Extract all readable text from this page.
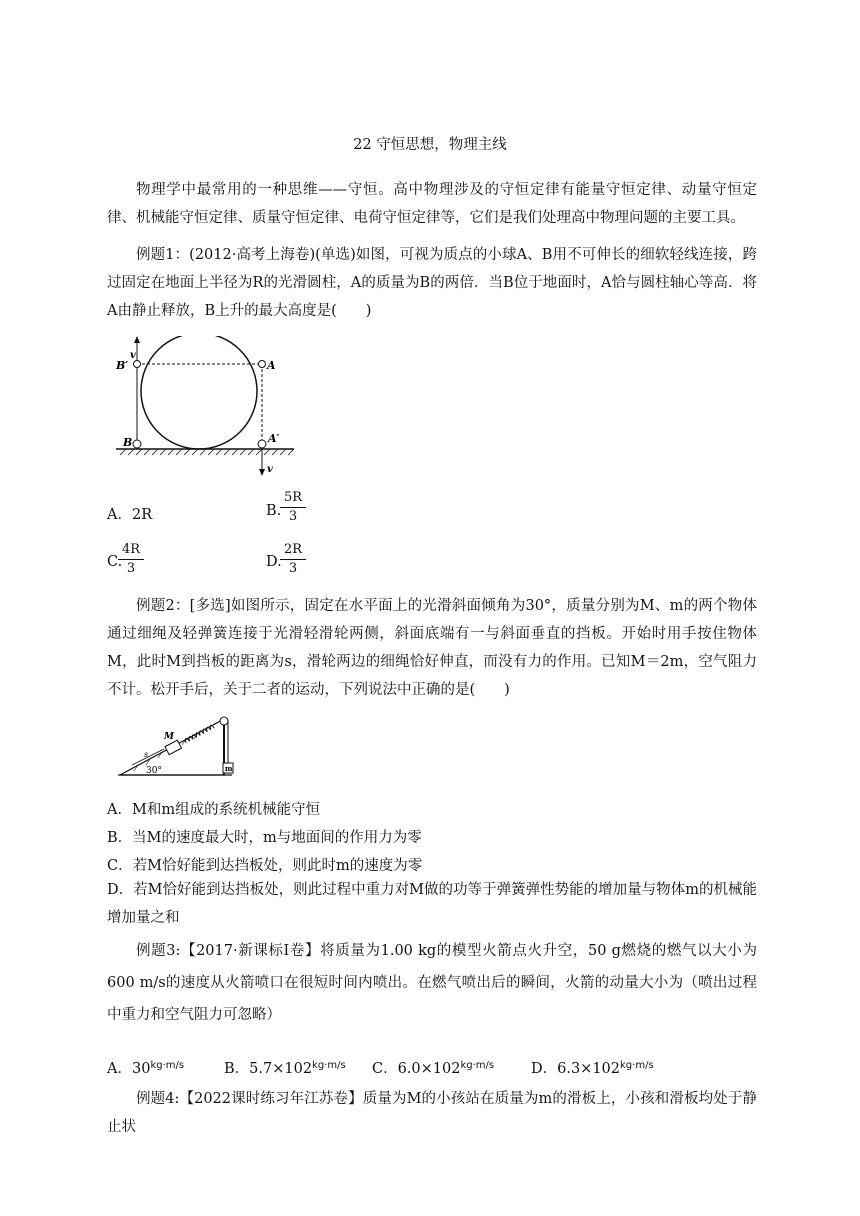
22 守恒思想，物理主线
物理学中最常用的一种思维——守恒。高中物理涉及的守恒定律有能量守恒定律、动量守恒定律、机械能守恒定律、质量守恒定律、电荷守恒定律等，它们是我们处理高中物理问题的主要工具。
例题1：(2012·高考上海卷)(单选)如图，可视为质点的小球A、B用不可伸长的细软轻线连接，跨过固定在地面上半径为R的光滑圆柱，A的质量为B的两倍．当B位于地面时，A恰与圆柱轴心等高．将A由静止释放，B上升的最大高度是(　　)
v
B′	A
B	A′
v
A．2R	B.
$\frac{5R}{3}$
C.
$\frac{4R}{3}$	D.
$\frac{2R}{3}$
例题2：[多选]如图所示，固定在水平面上的光滑斜面倾角为30°，质量分别为M、m的两个物体通过细绳及轻弹簧连接于光滑轻滑轮两侧，斜面底端有一与斜面垂直的挡板。开始时用手按住物体M，此时M到挡板的距离为s，滑轮两边的细绳恰好伸直，而没有力的作用。已知M＝2m，空气阻力不计。松开手后，关于二者的运动，下列说法中正确的是(　　)
M
s
30°	m
A．M和m组成的系统机械能守恒
B．当M的速度最大时，m与地面间的作用力为零
C．若M恰好能到达挡板处，则此时m的速度为零
D．若M恰好能到达挡板处，则此过程中重力对M做的功等于弹簧弹性势能的增加量与物体m的机械能增加量之和
例题3:【2017·新课标Ⅰ卷】将质量为1.00 kg的模型火箭点火升空，50 g燃烧的燃气以大小为600 m/s的速度从火箭喷口在很短时间内喷出。在燃气喷出后的瞬间，火箭的动量大小为（喷出过程中重力和空气阻力可忽略）
A．$30^{kg\cdot m/s}$	B．$5.7\times 102^{kg\cdot m/s}$ C．$6.0\times 102^{kg\cdot m/s}$	D．$6.3\times 102^{kg\cdot m/s}$
例题4:【2022课时练习年江苏卷】质量为M的小孩站在质量为m的滑板上，小孩和滑板均处于静止状
